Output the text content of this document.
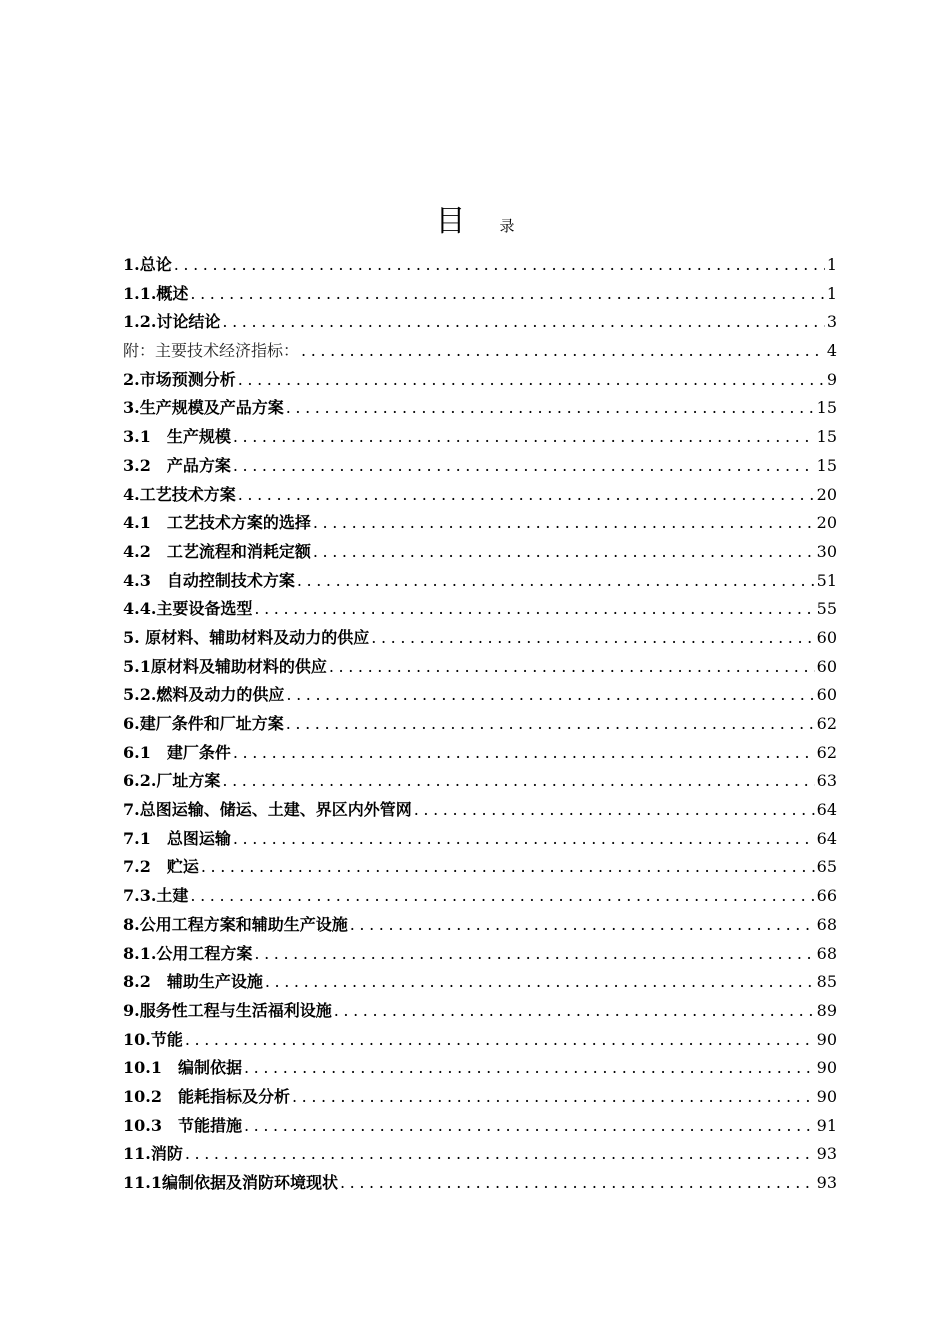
目 录
1.总论 .....	1
1.1.概述 .....	1
1.2.讨论结论 .....	3
附：主要技术经济指标： .....	4
2.市场预测分析 .....	9
3.生产规模及产品方案 .....	15
3.1　生产规模 .....	15
3.2　产品方案 .....	15
4.工艺技术方案 .....	20
4.1　工艺技术方案的选择 .....	20
4.2　工艺流程和消耗定额 .....	30
4.3　自动控制技术方案 .....	51
4.4.主要设备选型 .....	55
5. 原材料、辅助材料及动力的供应 .....	60
5.1原材料及辅助材料的供应 .....	60
5.2.燃料及动力的供应 .....	60
6.建厂条件和厂址方案 .....	62
6.1　建厂条件 .....	62
6.2.厂址方案 .....	63
7.总图运输、储运、土建、界区内外管网 .....	64
7.1　总图运输 .....	64
7.2　贮运 .....	65
7.3.土建 .....	66
8.公用工程方案和辅助生产设施 .....	68
8.1.公用工程方案 .....	68
8.2　辅助生产设施 .....	85
9.服务性工程与生活福利设施 .....	89
10.节能 .....	90
10.1　编制依据 .....	90
10.2　能耗指标及分析 .....	90
10.3　节能措施 .....	91
11.消防 .....	93
11.1编制依据及消防环境现状 .....	93
